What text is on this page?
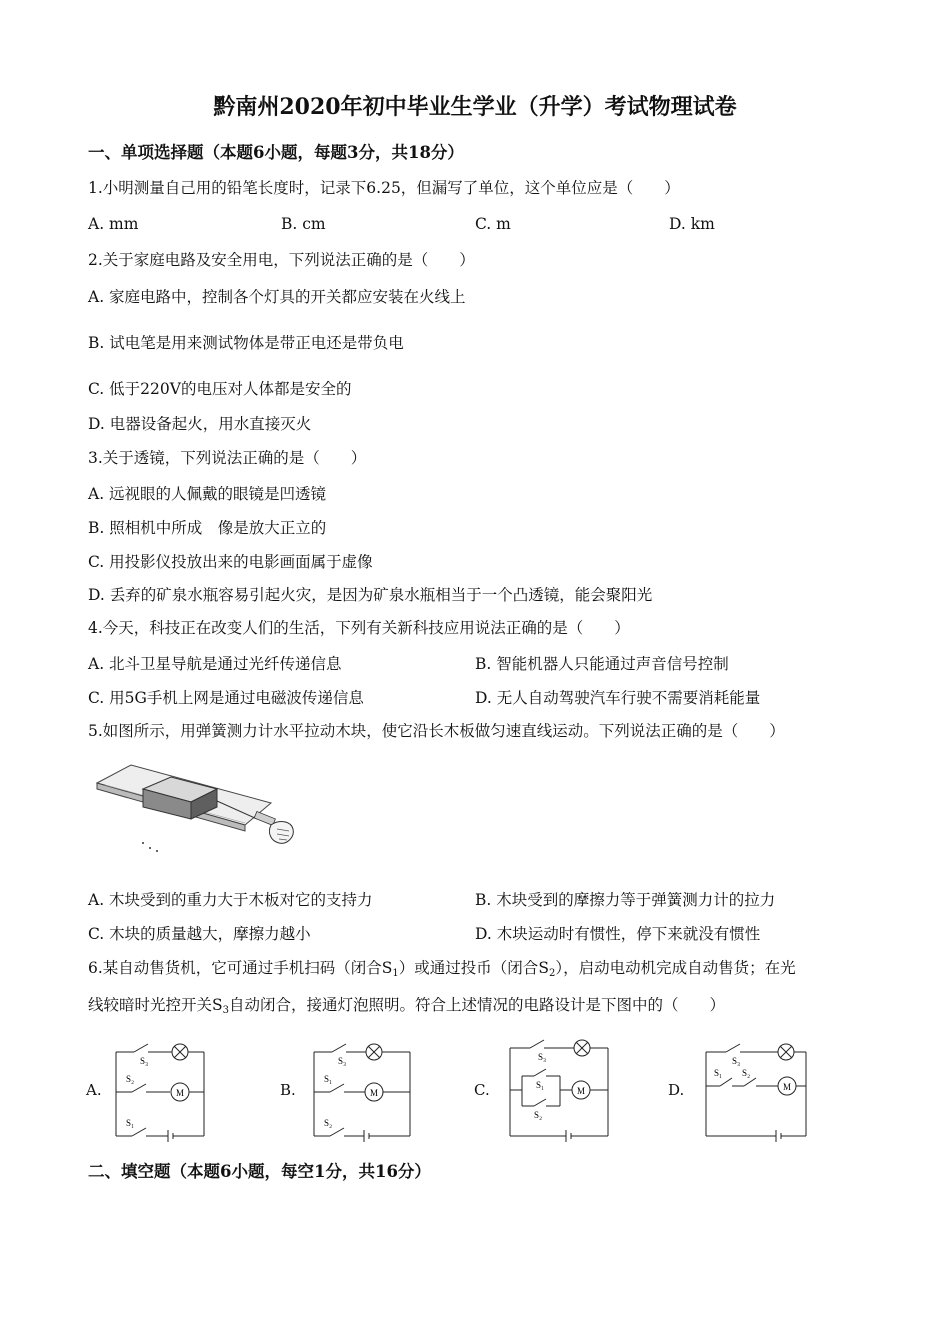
黔南州2020年初中毕业生学业（升学）考试物理试卷
一、单项选择题（本题6小题，每题3分，共18分）
1.小明测量自己用的铅笔长度时，记录下6.25，但漏写了单位，这个单位应是（　　）
A. mm	B. cm	C. m	D. km
2.关于家庭电路及安全用电，下列说法正确的是（　　）
A. 家庭电路中，控制各个灯具的开关都应安装在火线上
B. 试电笔是用来测试物体是带正电还是带负电
C. 低于220V的电压对人体都是安全的
D. 电器设备起火，用水直接灭火
3.关于透镜，下列说法正确的是（　　）
A. 远视眼的人佩戴的眼镜是凹透镜
B. 照相机中所成　像是放大正立的
C. 用投影仪投放出来的电影画面属于虚像
D. 丢弃的矿泉水瓶容易引起火灾，是因为矿泉水瓶相当于一个凸透镜，能会聚阳光
4.今天，科技正在改变人们的生活，下列有关新科技应用说法正确的是（　　）
A. 北斗卫星导航是通过光纤传递信息	B. 智能机器人只能通过声音信号控制
C. 用5G手机上网是通过电磁波传递信息	D. 无人自动驾驶汽车行驶不需要消耗能量
5.如图所示，用弹簧测力计水平拉动木块，使它沿长木板做匀速直线运动。下列说法正确的是（　　）
A. 木块受到的重力大于木板对它的支持力	B. 木块受到的摩擦力等于弹簧测力计的拉力
C. 木块的质量越大，摩擦力越小	D. 木块运动时有惯性，停下来就没有惯性
6.某自动售货机，它可通过手机扫码（闭合$S_1$）或通过投币（闭合$S_2$），启动电动机完成自动售货；在光
线较暗时光控开关$S_3$自动闭合，接通灯泡照明。符合上述情况的电路设计是下图中的（　　）
A.	B.	C.	D.
S₃
S₂
S₁
M
S₃
S₁
S₂
M
S₃
S₁
S₂
M
S₃
S₁ S₂
M
二、填空题（本题6小题，每空1分，共16分）
